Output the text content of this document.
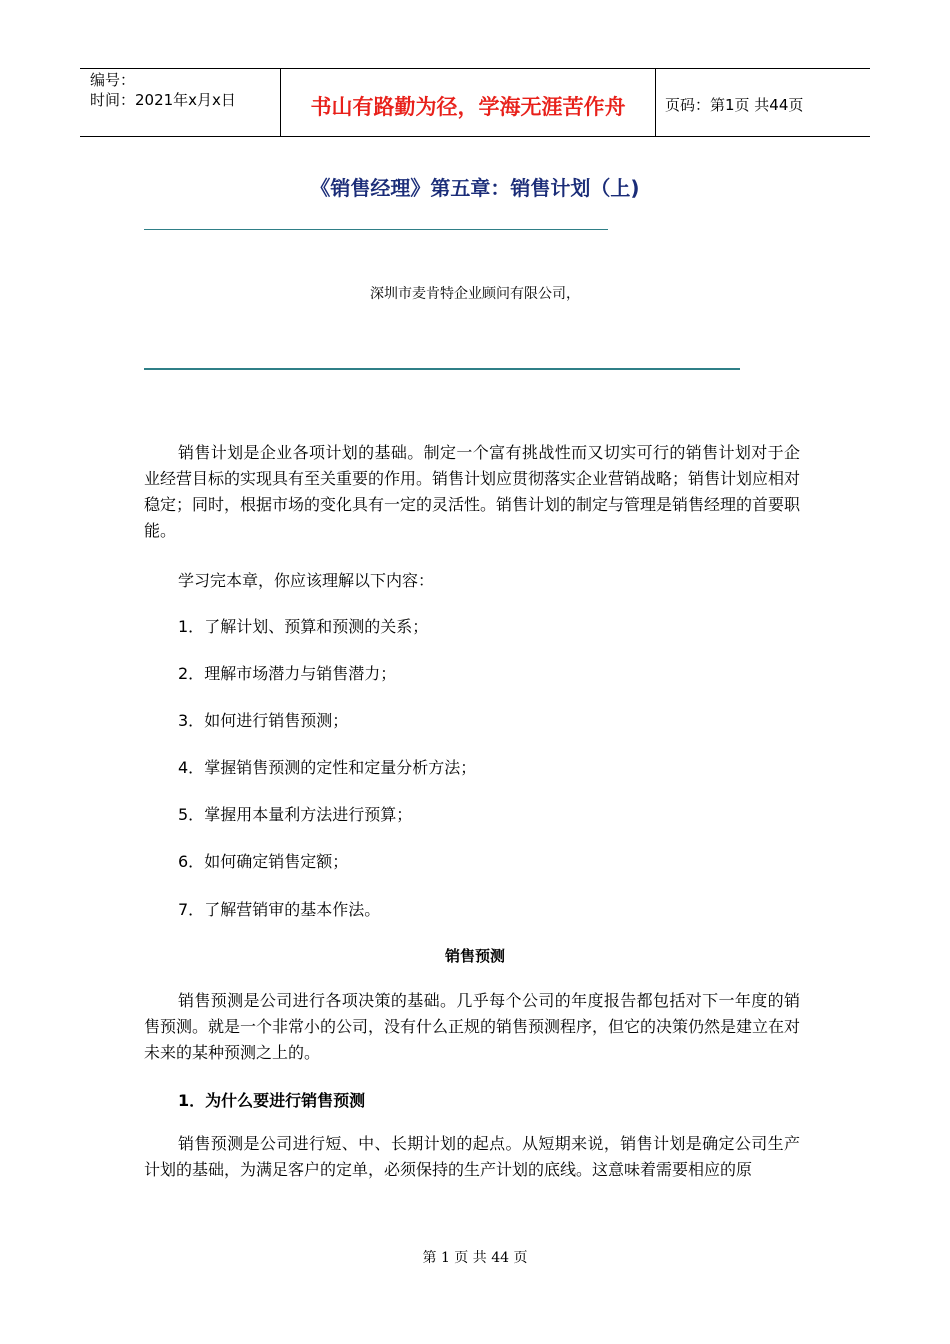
编号：
时间：2021年x月x日	书山有路勤为径，学海无涯苦作舟	页码：第1页 共44页
《销售经理》第五章：销售计划（上)
深圳市麦肯特企业顾问有限公司，
销售计划是企业各项计划的基础。制定一个富有挑战性而又切实可行的销售计划对于企业经营目标的实现具有至关重要的作用。销售计划应贯彻落实企业营销战略；销售计划应相对稳定；同时，根据市场的变化具有一定的灵活性。销售计划的制定与管理是销售经理的首要职能。
学习完本章，你应该理解以下内容：
1．了解计划、预算和预测的关系；
2．理解市场潜力与销售潜力；
3．如何进行销售预测；
4．掌握销售预测的定性和定量分析方法；
5．掌握用本量利方法进行预算；
6．如何确定销售定额；
7．了解营销审的基本作法。
销售预测
销售预测是公司进行各项决策的基础。几乎每个公司的年度报告都包括对下一年度的销售预测。就是一个非常小的公司，没有什么正规的销售预测程序，但它的决策仍然是建立在对未来的某种预测之上的。
1．为什么要进行销售预测
销售预测是公司进行短、中、长期计划的起点。从短期来说，销售计划是确定公司生产计划的基础，为满足客户的定单，必须保持的生产计划的底线。这意味着需要相应的原
第 1 页 共 44 页
